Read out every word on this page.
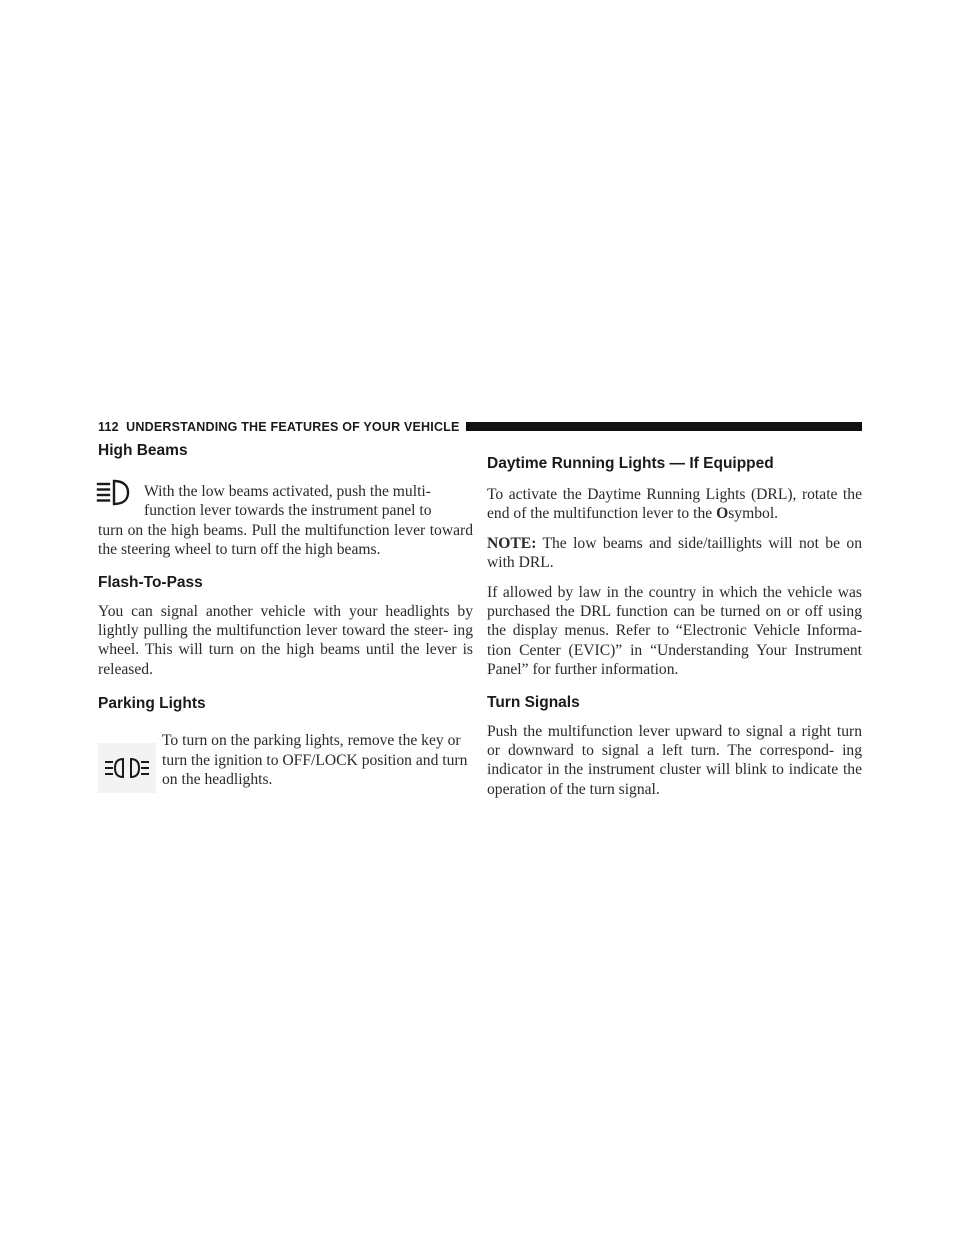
112 UNDERSTANDING THE FEATURES OF YOUR VEHICLE
High Beams

With the low beams activated, push the multi-

function lever towards the instrument panel to

turn on the high beams. Pull the multifunction lever toward the steering wheel to turn off the high beams.

Flash-To-Pass

You can signal another vehicle with your headlights by lightly pulling the multifunction lever toward the steer- ing wheel. This will turn on the high beams until the lever is released.

Parking Lights

To turn on the parking lights, remove the key or turn the ignition to OFF/LOCK position and turn on the headlights.

Daytime Running Lights — If Equipped

To activate the Daytime Running Lights (DRL), rotate the end of the multifunction lever to the Osymbol.

NOTE: The low beams and side/taillights will not be on with DRL.

If allowed by law in the country in which the vehicle was purchased the DRL function can be turned on or off using the display menus. Refer to “Electronic Vehicle Informa- tion Center (EVIC)” in “Understanding Your Instrument Panel” for further information.

Turn Signals

Push the multifunction lever upward to signal a right turn or downward to signal a left turn. The correspond- ing indicator in the instrument cluster will blink to indicate the operation of the turn signal.
